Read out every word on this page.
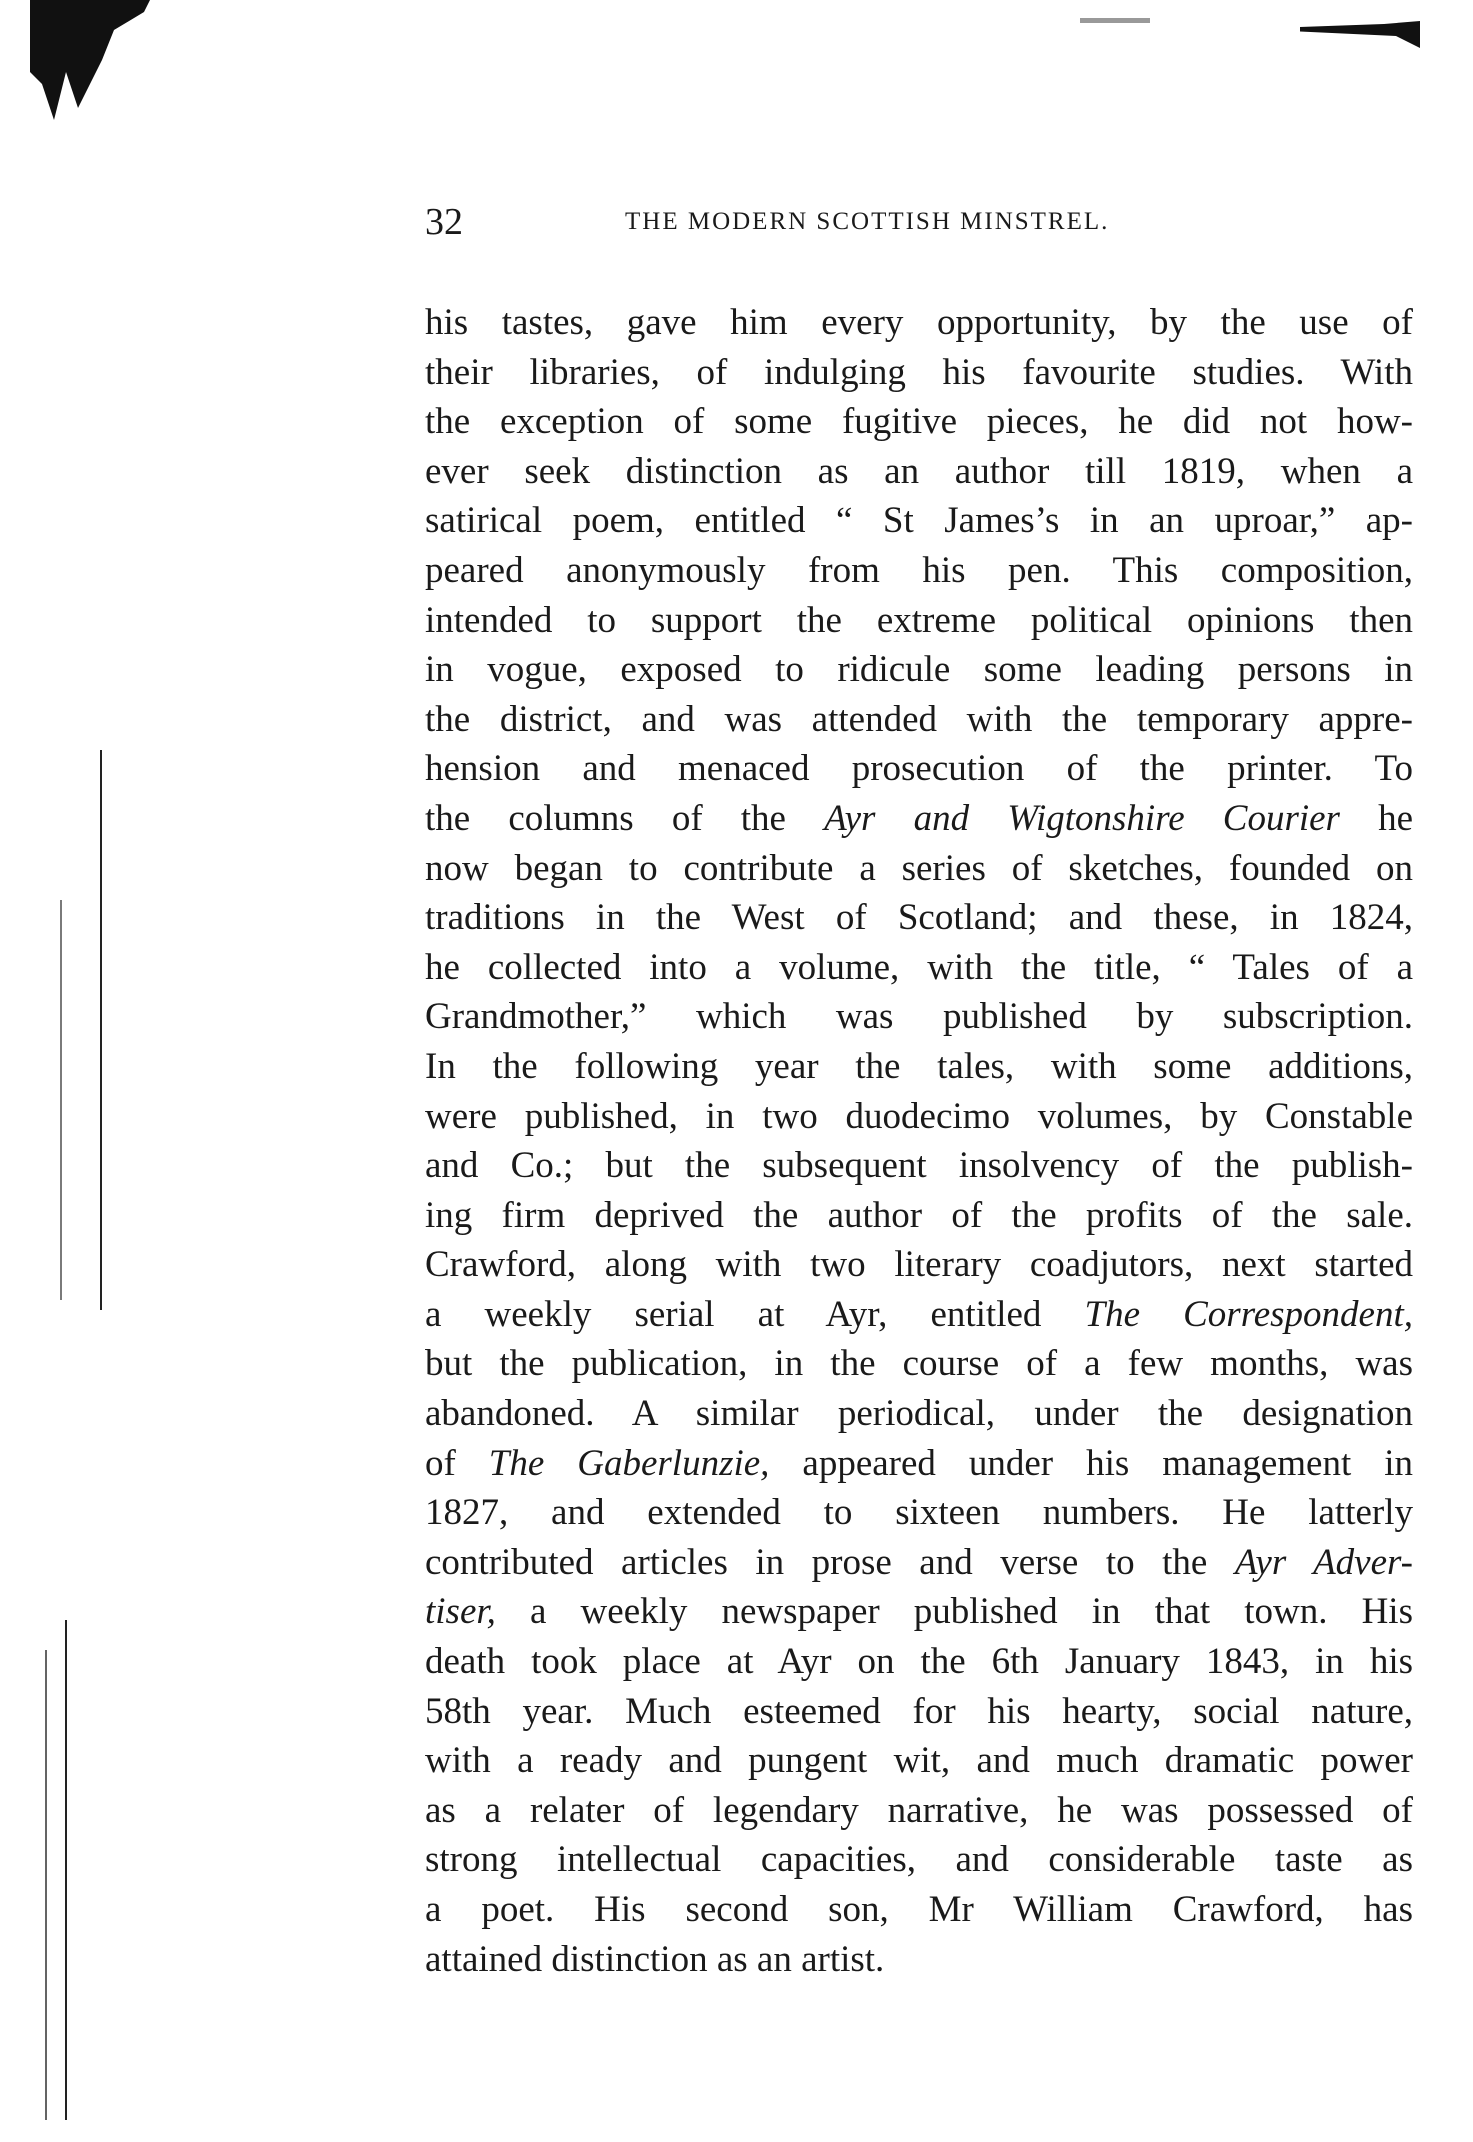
32	THE MODERN SCOTTISH MINSTREL.
his tastes, gave him every opportunity, by the use of
their libraries, of indulging his favourite studies. With
the exception of some fugitive pieces, he did not how-
ever seek distinction as an author till 1819, when a
satirical poem, entitled “ St James’s in an uproar,” ap-
peared anonymously from his pen. This composition,
intended to support the extreme political opinions then
in vogue, exposed to ridicule some leading persons in
the district, and was attended with the temporary appre-
hension and menaced prosecution of the printer. To
the columns of the Ayr and Wigtonshire Courier he
now began to contribute a series of sketches, founded on
traditions in the West of Scotland; and these, in 1824,
he collected into a volume, with the title, “ Tales of a
Grandmother,” which was published by subscription.
In the following year the tales, with some additions,
were published, in two duodecimo volumes, by Constable
and Co.; but the subsequent insolvency of the publish-
ing firm deprived the author of the profits of the sale.
Crawford, along with two literary coadjutors, next started
a weekly serial at Ayr, entitled The Correspondent,
but the publication, in the course of a few months, was
abandoned. A similar periodical, under the designation
of The Gaberlunzie, appeared under his management in
1827, and extended to sixteen numbers. He latterly
contributed articles in prose and verse to the Ayr Adver-
tiser, a weekly newspaper published in that town. His
death took place at Ayr on the 6th January 1843, in his
58th year. Much esteemed for his hearty, social nature,
with a ready and pungent wit, and much dramatic power
as a relater of legendary narrative, he was possessed of
strong intellectual capacities, and considerable taste as
a poet. His second son, Mr William Crawford, has
attained distinction as an artist.
